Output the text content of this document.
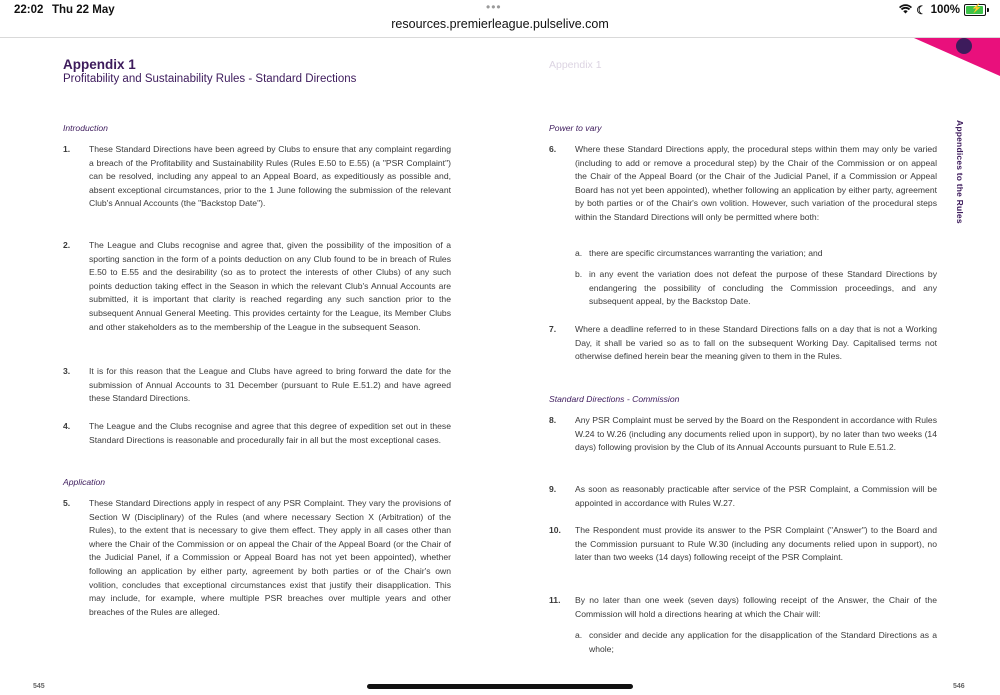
22:02 Thu 22 May	•••	☾ 100% ⚡
resources.premierleague.pulselive.com
Appendix 1
Profitability and Sustainability Rules - Standard Directions
Appendix 1
Appendices to the Rules
Introduction
1. These Standard Directions have been agreed by Clubs to ensure that any complaint regarding a breach of the Profitability and Sustainability Rules (Rules E.50 to E.55) (a "PSR Complaint") can be resolved, including any appeal to an Appeal Board, as expeditiously as possible and, absent exceptional circumstances, prior to the 1 June following the submission of the relevant Club's Annual Accounts (the "Backstop Date").
2. The League and Clubs recognise and agree that, given the possibility of the imposition of a sporting sanction in the form of a points deduction on any Club found to be in breach of Rules E.50 to E.55 and the desirability (so as to protect the interests of other Clubs) of any such points deduction taking effect in the Season in which the relevant Club's Annual Accounts are submitted, it is important that clarity is reached regarding any such sanction prior to the subsequent Annual General Meeting. This provides certainty for the League, its Member Clubs and other stakeholders as to the membership of the League in the subsequent Season.
3. It is for this reason that the League and Clubs have agreed to bring forward the date for the submission of Annual Accounts to 31 December (pursuant to Rule E.51.2) and have agreed these Standard Directions.
4. The League and the Clubs recognise and agree that this degree of expedition set out in these Standard Directions is reasonable and procedurally fair in all but the most exceptional cases.
Application
5. These Standard Directions apply in respect of any PSR Complaint. They vary the provisions of Section W (Disciplinary) of the Rules (and where necessary Section X (Arbitration) of the Rules), to the extent that is necessary to give them effect. They apply in all cases other than where the Chair of the Commission or on appeal the Chair of the Appeal Board (or the Chair of the Judicial Panel, if a Commission or Appeal Board has not yet been appointed), whether following an application by either party, agreement by both parties or of the Chair's own volition, concludes that exceptional circumstances exist that justify their disapplication. This may include, for example, where multiple PSR breaches over multiple years and other breaches of the Rules are alleged.
Power to vary
6. Where these Standard Directions apply, the procedural steps within them may only be varied (including to add or remove a procedural step) by the Chair of the Commission or on appeal the Chair of the Appeal Board (or the Chair of the Judicial Panel, if a Commission or Appeal Board has not yet been appointed), whether following an application by either party, agreement by both parties or of the Chair's own volition. However, such variation of the procedural steps within the Standard Directions will only be permitted where both:
a. there are specific circumstances warranting the variation; and
b. in any event the variation does not defeat the purpose of these Standard Directions by endangering the possibility of concluding the Commission proceedings, and any subsequent appeal, by the Backstop Date.
7. Where a deadline referred to in these Standard Directions falls on a day that is not a Working Day, it shall be varied so as to fall on the subsequent Working Day. Capitalised terms not otherwise defined herein bear the meaning given to them in the Rules.
Standard Directions - Commission
8. Any PSR Complaint must be served by the Board on the Respondent in accordance with Rules W.24 to W.26 (including any documents relied upon in support), by no later than two weeks (14 days) following provision by the Club of its Annual Accounts pursuant to Rule E.51.2.
9. As soon as reasonably practicable after service of the PSR Complaint, a Commission will be appointed in accordance with Rules W.27.
10. The Respondent must provide its answer to the PSR Complaint ("Answer") to the Board and the Commission pursuant to Rule W.30 (including any documents relied upon in support), no later than two weeks (14 days) following receipt of the PSR Complaint.
11. By no later than one week (seven days) following receipt of the Answer, the Chair of the Commission will hold a directions hearing at which the Chair will:
a. consider and decide any application for the disapplication of the Standard Directions as a whole;
545	546
